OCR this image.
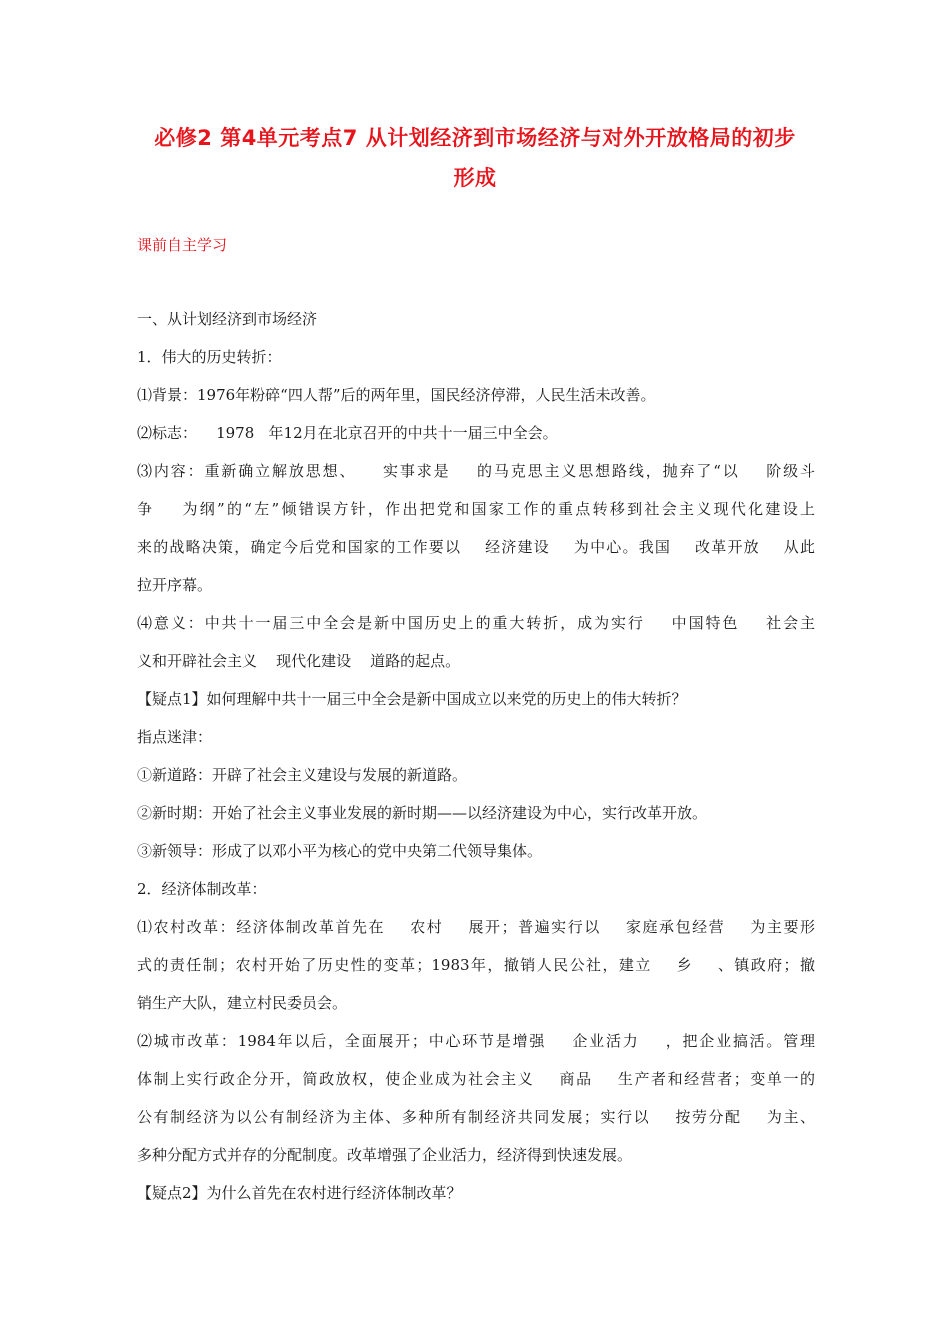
必修2 第4单元考点7 从计划经济到市场经济与对外开放格局的初步
形成
课前自主学习
一、从计划经济到市场经济
1．伟大的历史转折：
⑴背景：1976年粉碎“四人帮”后的两年里，国民经济停滞，人民生活未改善。
⑵标志：    1978   年12月在北京召开的中共十一届三中全会。
⑶内容：重新确立解放思想、    实事求是    的马克思主义思想路线，抛弃了“以    阶级斗
争    为纲”的“左”倾错误方针，作出把党和国家工作的重点转移到社会主义现代化建设上
来的战略决策，确定今后党和国家的工作要以    经济建设    为中心。我国    改革开放    从此
拉开序幕。
⑷意义：中共十一届三中全会是新中国历史上的重大转折，成为实行    中国特色    社会主
义和开辟社会主义    现代化建设    道路的起点。
【疑点1】如何理解中共十一届三中全会是新中国成立以来党的历史上的伟大转折？
指点迷津：
①新道路：开辟了社会主义建设与发展的新道路。
②新时期：开始了社会主义事业发展的新时期——以经济建设为中心，实行改革开放。
③新领导：形成了以邓小平为核心的党中央第二代领导集体。
2．经济体制改革：
⑴农村改革：经济体制改革首先在    农村    展开；普遍实行以    家庭承包经营    为主要形
式的责任制；农村开始了历史性的变革；1983年，撤销人民公社，建立    乡    、镇政府；撤
销生产大队，建立村民委员会。
⑵城市改革：1984年以后，全面展开；中心环节是增强    企业活力    ，把企业搞活。管理
体制上实行政企分开，简政放权，使企业成为社会主义    商品    生产者和经营者；变单一的
公有制经济为以公有制经济为主体、多种所有制经济共同发展；实行以    按劳分配    为主、
多种分配方式并存的分配制度。改革增强了企业活力，经济得到快速发展。
【疑点2】为什么首先在农村进行经济体制改革？
